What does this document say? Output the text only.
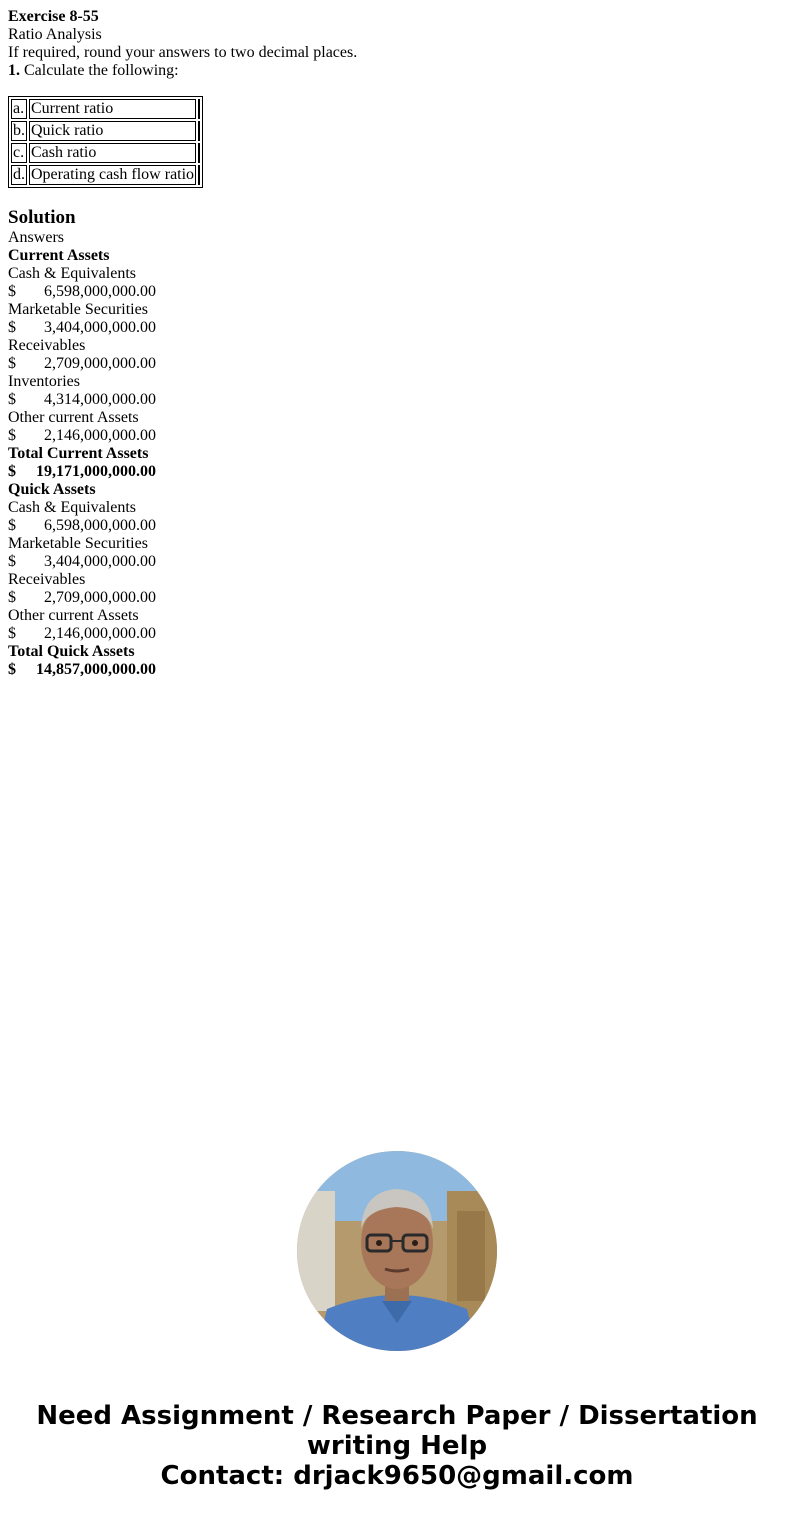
Exercise 8-55
Ratio Analysis

If required, round your answers to two decimal places.

1. Calculate the following:

a.	Current ratio	
b.	Quick ratio	
c.	Cash ratio	
d.	Operating cash flow ratio	
Solution

Answers

Current Assets

Cash & Equivalents

$ 6,598,000,000.00

Marketable Securities

$ 3,404,000,000.00

Receivables

$ 2,709,000,000.00

Inventories

$ 4,314,000,000.00

Other current Assets

$ 2,146,000,000.00

Total Current Assets

$ 19,171,000,000.00

Quick Assets

Cash & Equivalents

$ 6,598,000,000.00

Marketable Securities

$ 3,404,000,000.00

Receivables

$ 2,709,000,000.00

Other current Assets

$ 2,146,000,000.00

Total Quick Assets

$ 14,857,000,000.00

Need Assignment / Research Paper / Dissertation
writing Help
Contact: drjack9650@gmail.com
